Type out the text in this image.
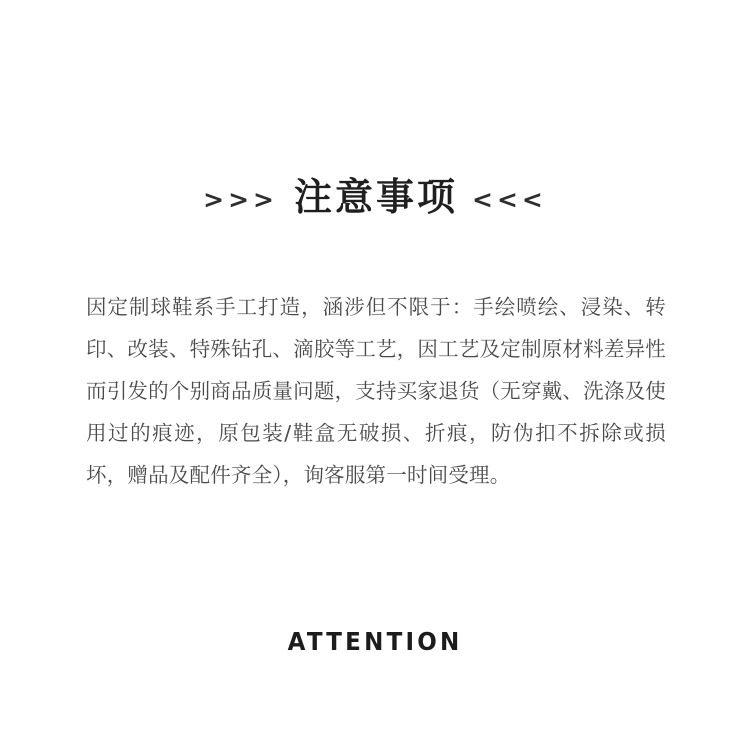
>>> 注意事项 <<<

因定制球鞋系手工打造，涵涉但不限于：手绘喷绘、浸染、转印、改装、特殊钻孔、滴胶等工艺，因工艺及定制原材料差异性而引发的个别商品质量问题，支持买家退货（无穿戴、洗涤及使用过的痕迹，原包装/鞋盒无破损、折痕，防伪扣不拆除或损坏，赠品及配件齐全），询客服第一时间受理。

ATTENTION
